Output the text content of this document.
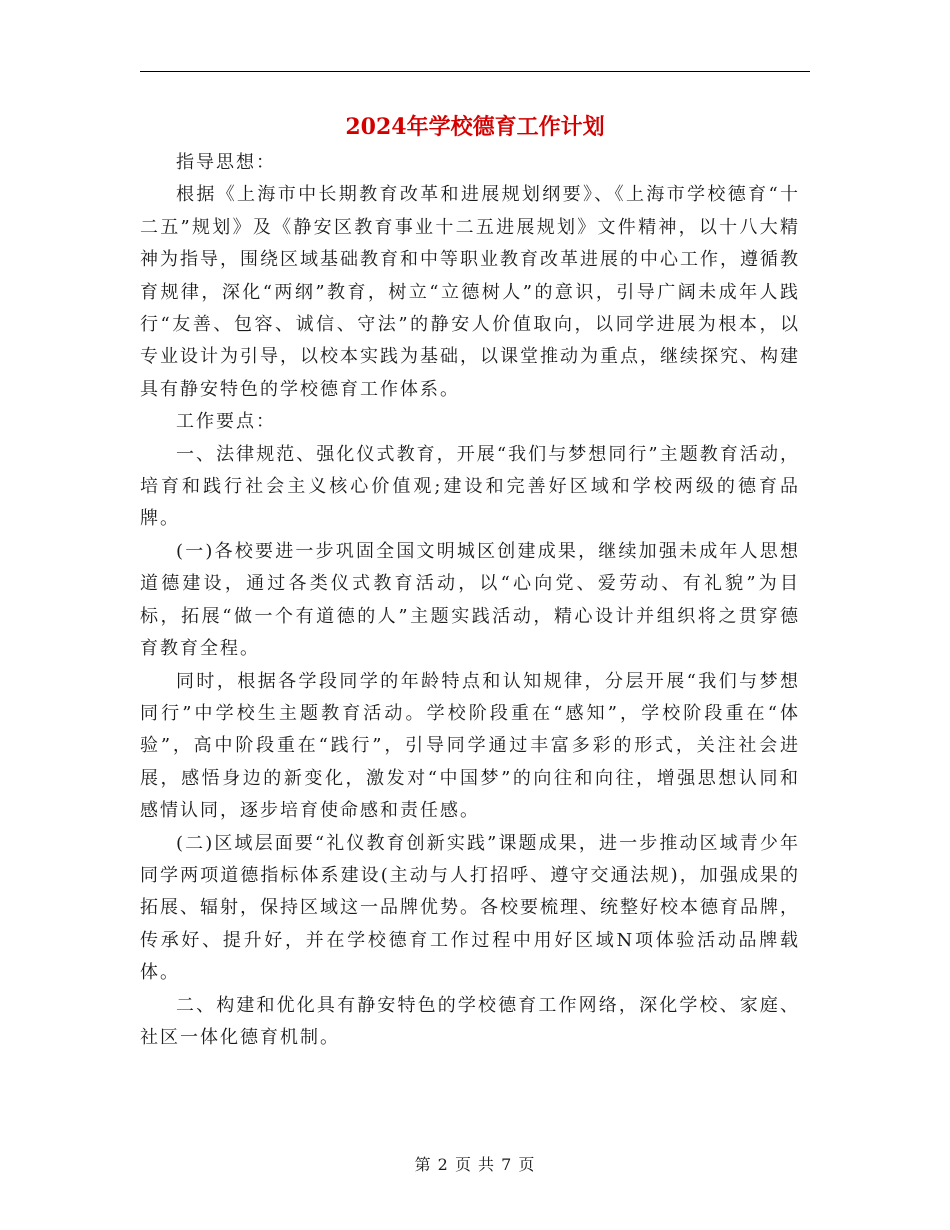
2024年学校德育工作计划

指导思想：

根据《上海市中长期教育改革和进展规划纲要》、《上海市学校德育“十二五”规划》及《静安区教育事业十二五进展规划》文件精神，以十八大精神为指导，围绕区域基础教育和中等职业教育改革进展的中心工作，遵循教育规律，深化“两纲”教育，树立“立德树人”的意识，引导广阔未成年人践行“友善、包容、诚信、守法”的静安人价值取向，以同学进展为根本，以专业设计为引导，以校本实践为基础，以课堂推动为重点，继续探究、构建具有静安特色的学校德育工作体系。

工作要点：

一、法律规范、强化仪式教育，开展“我们与梦想同行”主题教育活动，培育和践行社会主义核心价值观;建设和完善好区域和学校两级的德育品牌。

(一)各校要进一步巩固全国文明城区创建成果，继续加强未成年人思想道德建设，通过各类仪式教育活动，以“心向党、爱劳动、有礼貌”为目标，拓展“做一个有道德的人”主题实践活动，精心设计并组织将之贯穿德育教育全程。

同时，根据各学段同学的年龄特点和认知规律，分层开展“我们与梦想同行”中学校生主题教育活动。学校阶段重在“感知”，学校阶段重在“体验”，高中阶段重在“践行”，引导同学通过丰富多彩的形式，关注社会进展，感悟身边的新变化，激发对“中国梦”的向往和向往，增强思想认同和感情认同，逐步培育使命感和责任感。

(二)区域层面要“礼仪教育创新实践”课题成果，进一步推动区域青少年同学两项道德指标体系建设(主动与人打招呼、遵守交通法规)，加强成果的拓展、辐射，保持区域这一品牌优势。各校要梳理、统整好校本德育品牌，传承好、提升好，并在学校德育工作过程中用好区域N项体验活动品牌载体。

二、构建和优化具有静安特色的学校德育工作网络，深化学校、家庭、社区一体化德育机制。

第 2 页 共 7 页
